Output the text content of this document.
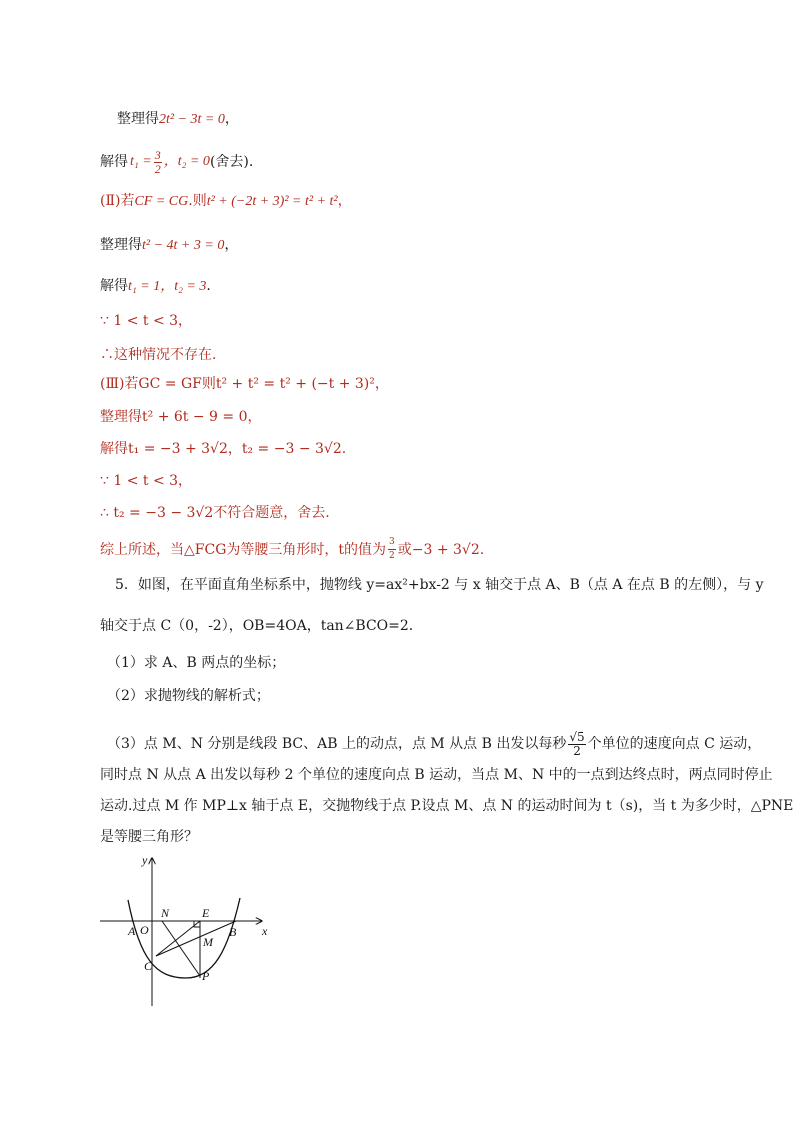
整理得2t² − 3t = 0，
解得 $t_1 = \frac{3}{2}$ ，t₂ = 0 (舍去).
(Ⅱ)若CF = CG.则t² + (−2t + 3)² = t² + t²，
整理得t² − 4t + 3 = 0，
解得t₁ = 1，t₂ = 3.
∵ 1 < t < 3，
∴这种情况不存在．
(Ⅲ)若GC = GF则t² + t² = t² + (−t + 3)²，
整理得t² + 6t − 9 = 0，
解得t₁ = −3 + 3√2，t₂ = −3 − 3√2.
∵ 1 < t < 3，
∴ t₂ = −3 − 3√2不符合题意，舍去.
综上所述，当△FCG为等腰三角形时，t的值为 $\frac{3}{2}$ 或−3 + 3√2.
5．如图，在平面直角坐标系中，抛物线 y=ax²+bx-2 与 x 轴交于点 A、B（点 A 在点 B 的左侧），与 y
轴交于点 C（0，-2），OB=4OA，tan∠BCO=2．
（1）求 A、B 两点的坐标；
（2）求抛物线的解析式；
（3）点 M、N 分别是线段 BC、AB 上的动点，点 M 从点 B 出发以每秒 $\frac{√5}{2}$ 个单位的速度向点 C 运动，
同时点 N 从点 A 出发以每秒 2 个单位的速度向点 B 运动，当点 M、N 中的一点到达终点时，两点同时停止
运动.过点 M 作 MP⊥x 轴于点 E，交抛物线于点 P.设点 M、点 N 的运动时间为 t（s)，当 t 为多少时，△PNE
是等腰三角形？
y
x
A O
N	E
M
B
C
P
